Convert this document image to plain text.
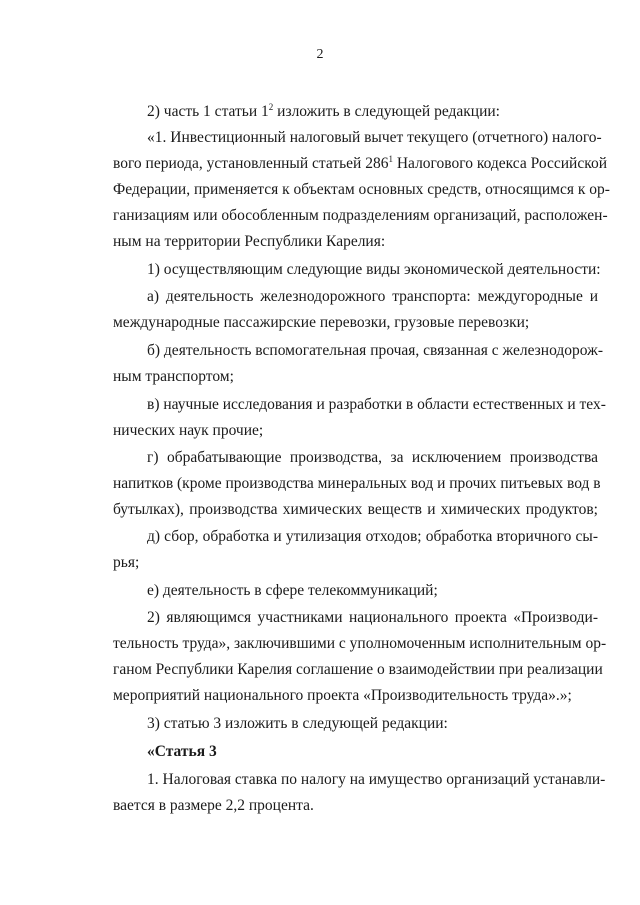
2
2) часть 1 статьи $1^2$ изложить в следующей редакции:
«1. Инвестиционный налоговый вычет текущего (отчетного) налого-
вого периода, установленный статьей $286^1$ Налогового кодекса Российской
Федерации, применяется к объектам основных средств, относящимся к ор-
ганизациям или обособленным подразделениям организаций, расположен-
ным на территории Республики Карелия:
1) осуществляющим следующие виды экономической деятельности:
а) деятельность железнодорожного транспорта: междугородные и
международные пассажирские перевозки, грузовые перевозки;
б) деятельность вспомогательная прочая, связанная с железнодорож-
ным транспортом;
в) научные исследования и разработки в области естественных и тех-
нических наук прочие;
г) обрабатывающие производства, за исключением производства
напитков (кроме производства минеральных вод и прочих питьевых вод в
бутылках), производства химических веществ и химических продуктов;
д) сбор, обработка и утилизация отходов; обработка вторичного сы-
рья;
е) деятельность в сфере телекоммуникаций;
2) являющимся участниками национального проекта «Производи-
тельность труда», заключившими с уполномоченным исполнительным ор-
ганом Республики Карелия соглашение о взаимодействии при реализации
мероприятий национального проекта «Производительность труда».»;
3) статью 3 изложить в следующей редакции:
«Статья 3
1. Налоговая ставка по налогу на имущество организаций устанавли-
вается в размере 2,2 процента.
